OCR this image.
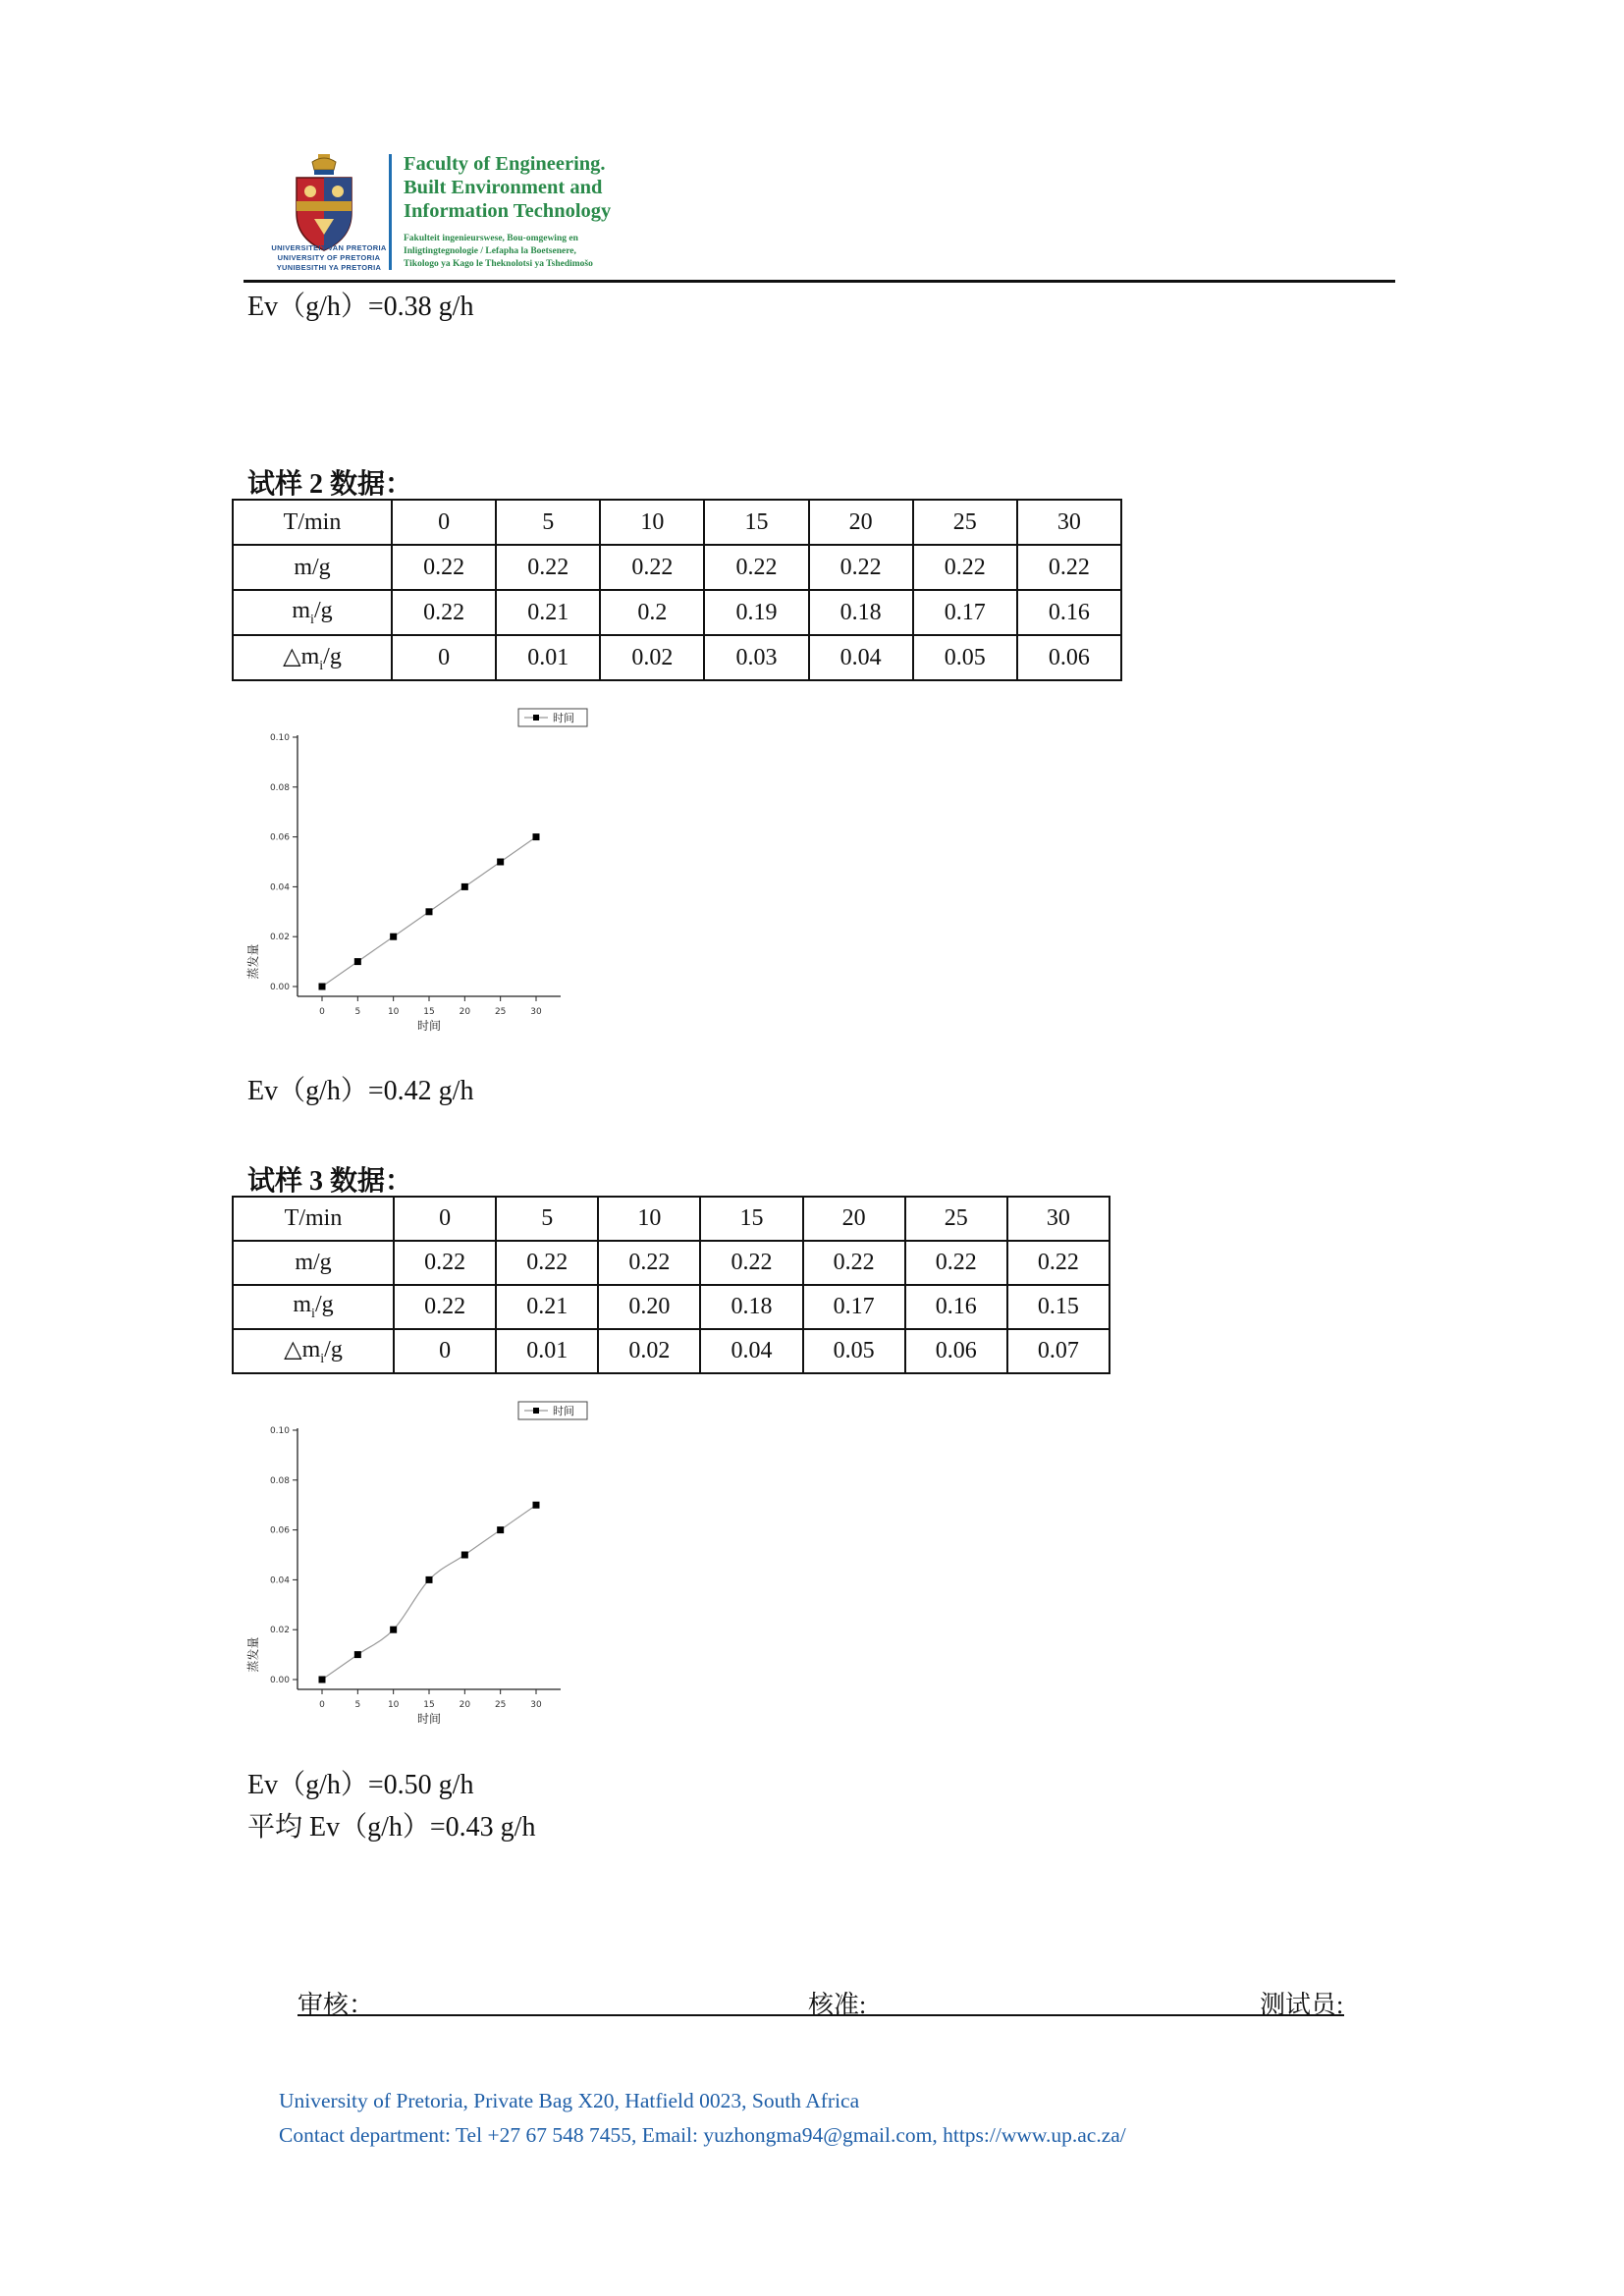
UNIVERSITEIT VAN PRETORIA
UNIVERSITY OF PRETORIA
YUNIBESITHI YA PRETORIA
Faculty of Engineering.
Built Environment and
Information Technology
Fakulteit ingenieurswese, Bou-omgewing en
Inligtingtegnologie / Lefapha la Boetsenere,
Tikologo ya Kago le Theknolotsi ya Tshedimošo
Ev（g/h）=0.38 g/h
试样 2 数据：
T/min	0	5	10	15	20	25	30
m/g	0.22	0.22	0.22	0.22	0.22	0.22	0.22
$m_i/g$	0.22	0.21	0.2	0.19	0.18	0.17	0.16
$\triangle m_i/g$	0	0.01	0.02	0.03	0.04	0.05	0.06
0.00
0.02
0.04
0.06
0.08
0.10
0	5	10	15	20	25	30
时间
蒸发量
时间
Ev（g/h）=0.42 g/h
试样 3 数据：
T/min	0	5	10	15	20	25	30
m/g	0.22	0.22	0.22	0.22	0.22	0.22	0.22
$m_i/g$	0.22	0.21	0.20	0.18	0.17	0.16	0.15
$\triangle m_i/g$	0	0.01	0.02	0.04	0.05	0.06	0.07
0.00
0.02
0.04
0.06
0.08
0.10
0	5	10	15	20	25	30
时间
蒸发量
时间
Ev（g/h）=0.50 g/h
平均 Ev（g/h）=0.43 g/h
审核：	核准:	测试员:
University of Pretoria, Private Bag X20, Hatfield 0023, South Africa
Contact department: Tel +27 67 548 7455, Email: yuzhongma94@gmail.com, https://www.up.ac.za/
